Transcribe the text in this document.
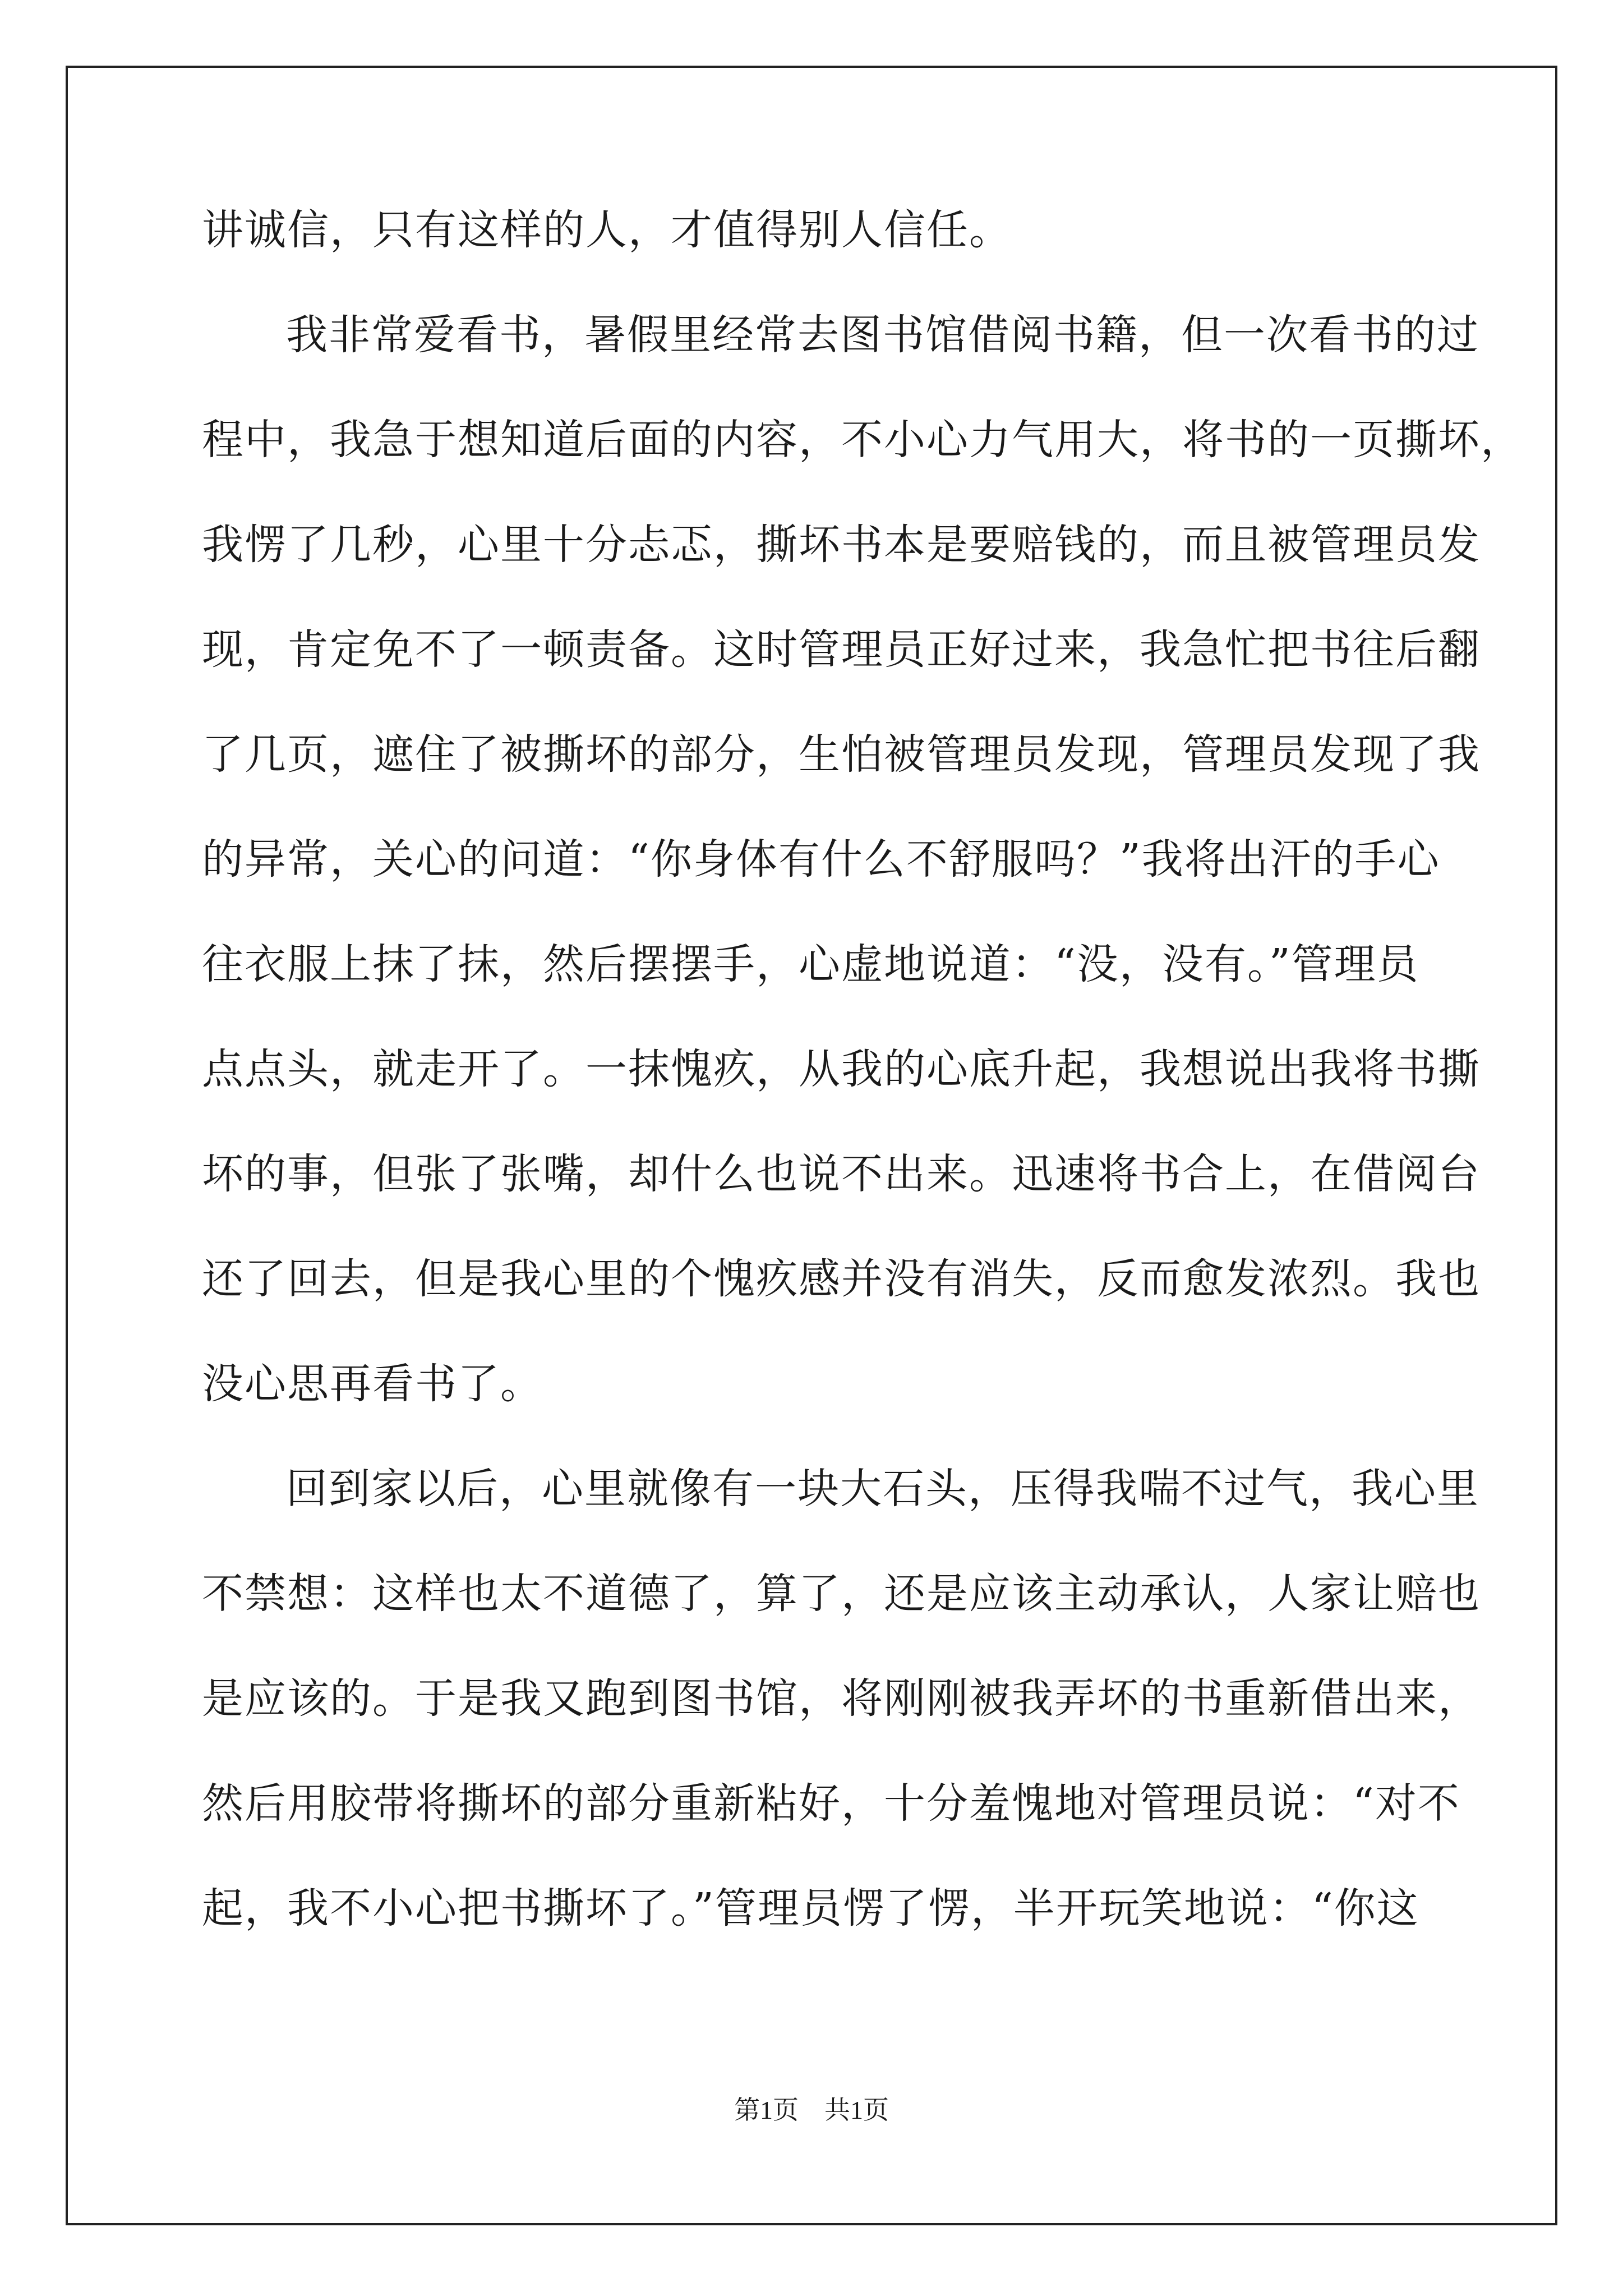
讲诚信，只有这样的人，才值得别人信任。
我非常爱看书，暑假里经常去图书馆借阅书籍，但一次看书的过
程中，我急于想知道后面的内容，不小心力气用大，将书的一页撕坏，
我愣了几秒，心里十分忐忑，撕坏书本是要赔钱的，而且被管理员发
现，肯定免不了一顿责备。这时管理员正好过来，我急忙把书往后翻
了几页，遮住了被撕坏的部分，生怕被管理员发现，管理员发现了我
的异常，关心的问道：“你身体有什么不舒服吗？”我将出汗的手心
往衣服上抹了抹，然后摆摆手，心虚地说道：“没，没有。”管理员
点点头，就走开了。一抹愧疚，从我的心底升起，我想说出我将书撕
坏的事，但张了张嘴，却什么也说不出来。迅速将书合上，在借阅台
还了回去，但是我心里的个愧疚感并没有消失，反而愈发浓烈。我也
没心思再看书了。
回到家以后，心里就像有一块大石头，压得我喘不过气，我心里
不禁想：这样也太不道德了，算了，还是应该主动承认，人家让赔也
是应该的。于是我又跑到图书馆，将刚刚被我弄坏的书重新借出来，
然后用胶带将撕坏的部分重新粘好，十分羞愧地对管理员说：“对不
起，我不小心把书撕坏了。”管理员愣了愣，半开玩笑地说：“你这
第1页　共1页
